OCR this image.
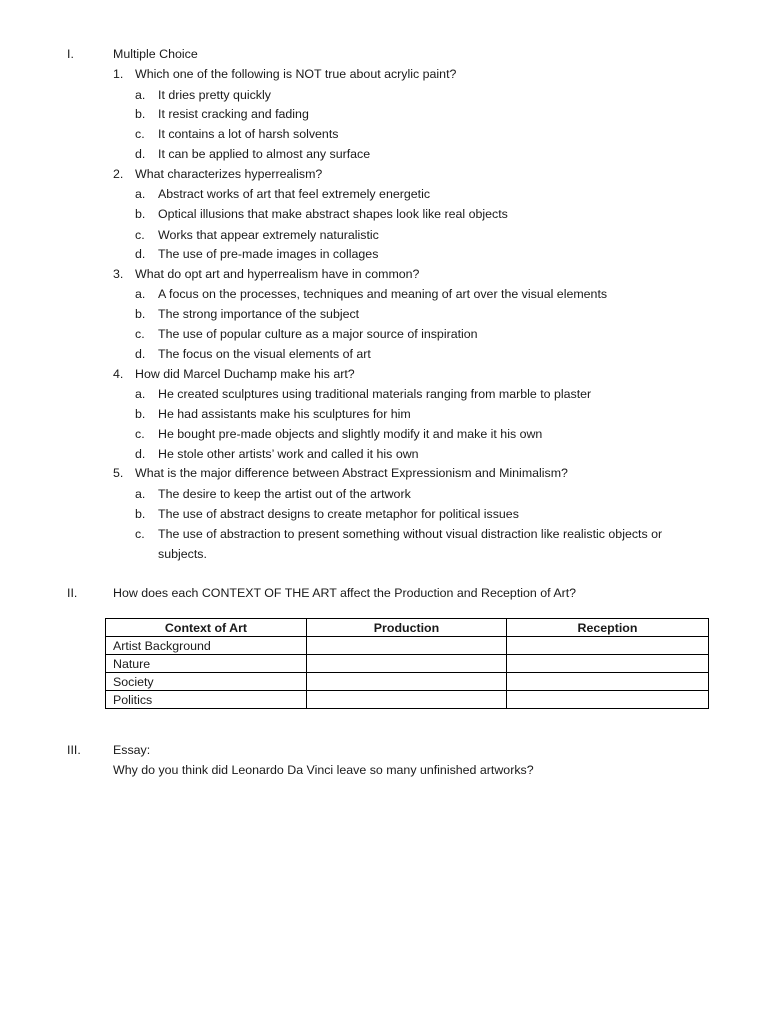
I.	Multiple Choice
1. Which one of the following is NOT true about acrylic paint?
a. It dries pretty quickly
b. It resist cracking and fading
c. It contains a lot of harsh solvents
d. It can be applied to almost any surface
2. What characterizes hyperrealism?
a. Abstract works of art that feel extremely energetic
b. Optical illusions that make abstract shapes look like real objects
c. Works that appear extremely naturalistic
d. The use of pre-made images in collages
3. What do opt art and hyperrealism have in common?
a. A focus on the processes, techniques and meaning of art over the visual elements
b. The strong importance of the subject
c. The use of popular culture as a major source of inspiration
d. The focus on the visual elements of art
4. How did Marcel Duchamp make his art?
a. He created sculptures using traditional materials ranging from marble to plaster
b. He had assistants make his sculptures for him
c. He bought pre-made objects and slightly modify it and make it his own
d. He stole other artists’ work and called it his own
5. What is the major difference between Abstract Expressionism and Minimalism?
a. The desire to keep the artist out of the artwork
b. The use of abstract designs to create metaphor for political issues
c. The use of abstraction to present something without visual distraction like realistic objects or
subjects.
II.	How does each CONTEXT OF THE ART affect the Production and Reception of Art?
Context of Art	Production	Reception
Artist Background		
Nature		
Society		
Politics		
III.	Essay:
Why do you think did Leonardo Da Vinci leave so many unfinished artworks?
